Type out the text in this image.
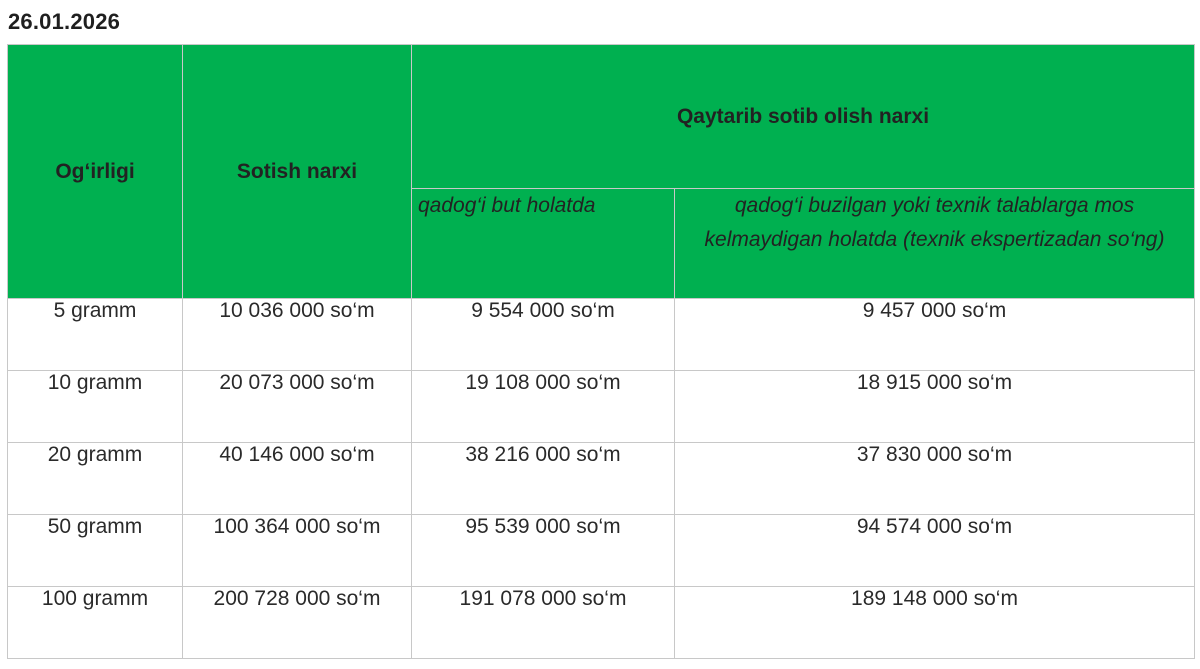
26.01.2026
Og‘irligi	Sotish narxi	Qaytarib sotib olish narxi	
		qadog‘i but holatda	qadog‘i buzilgan yoki texnik talablarga mos kelmaydigan holatda (texnik ekspertizadan so‘ng)
5 gramm	10 036 000 so‘m	9 554 000 so‘m	9 457 000 so‘m
10 gramm	20 073 000 so‘m	19 108 000 so‘m	18 915 000 so‘m
20 gramm	40 146 000 so‘m	38 216 000 so‘m	37 830 000 so‘m
50 gramm	100 364 000 so‘m	95 539 000 so‘m	94 574 000 so‘m
100 gramm	200 728 000 so‘m	191 078 000 so‘m	189 148 000 so‘m
